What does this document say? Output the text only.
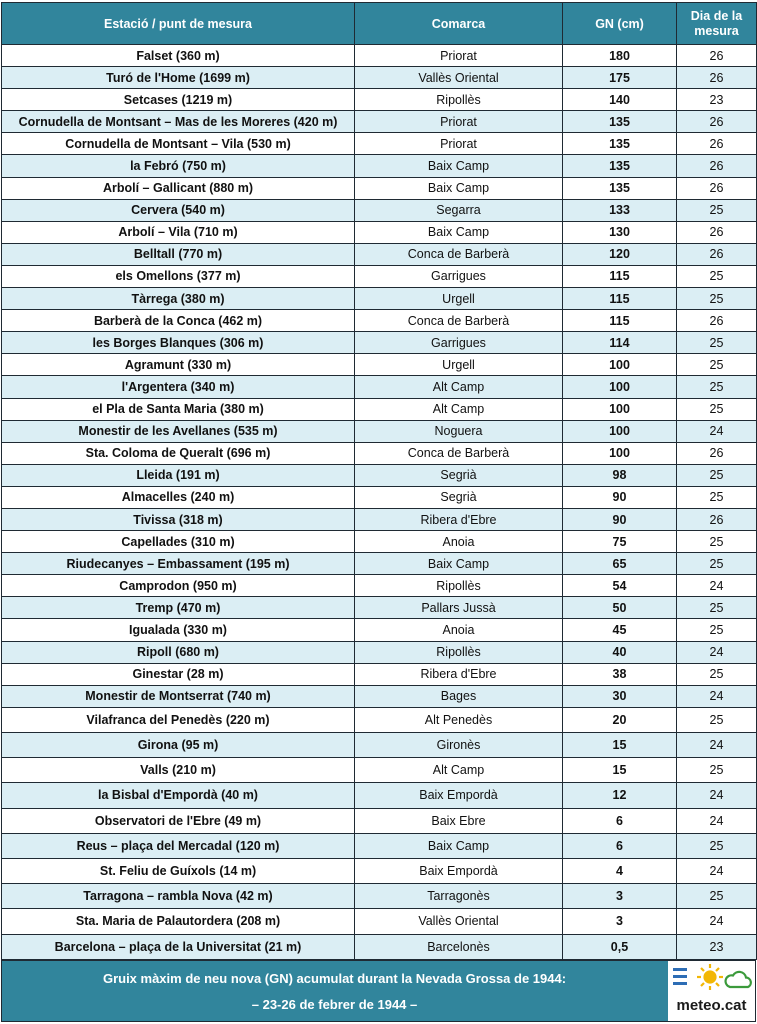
Estació / punt de mesura	Comarca	GN (cm)	Dia de la
mesura
Falset (360 m)	Priorat	180	26
Turó de l'Home (1699 m)	Vallès Oriental	175	26
Setcases (1219 m)	Ripollès	140	23
Cornudella de Montsant – Mas de les Moreres (420 m)	Priorat	135	26
Cornudella de Montsant – Vila (530 m)	Priorat	135	26
la Febró (750 m)	Baix Camp	135	26
Arbolí – Gallicant (880 m)	Baix Camp	135	26
Cervera (540 m)	Segarra	133	25
Arbolí – Vila (710 m)	Baix Camp	130	26
Belltall (770 m)	Conca de Barberà	120	26
els Omellons (377 m)	Garrigues	115	25
Tàrrega (380 m)	Urgell	115	25
Barberà de la Conca (462 m)	Conca de Barberà	115	26
les Borges Blanques (306 m)	Garrigues	114	25
Agramunt (330 m)	Urgell	100	25
l'Argentera (340 m)	Alt Camp	100	25
el Pla de Santa Maria (380 m)	Alt Camp	100	25
Monestir de les Avellanes (535 m)	Noguera	100	24
Sta. Coloma de Queralt (696 m)	Conca de Barberà	100	26
Lleida (191 m)	Segrià	98	25
Almacelles (240 m)	Segrià	90	25
Tivissa (318 m)	Ribera d'Ebre	90	26
Capellades (310 m)	Anoia	75	25
Riudecanyes – Embassament (195 m)	Baix Camp	65	25
Camprodon (950 m)	Ripollès	54	24
Tremp (470 m)	Pallars Jussà	50	25
Igualada (330 m)	Anoia	45	25
Ripoll (680 m)	Ripollès	40	24
Ginestar (28 m)	Ribera d'Ebre	38	25
Monestir de Montserrat (740 m)	Bages	30	24
Vilafranca del Penedès (220 m)	Alt Penedès	20	25
Girona (95 m)	Gironès	15	24
Valls (210 m)	Alt Camp	15	25
la Bisbal d'Empordà (40 m)	Baix Empordà	12	24
Observatori de l'Ebre (49 m)	Baix Ebre	6	24
Reus – plaça del Mercadal (120 m)	Baix Camp	6	25
St. Feliu de Guíxols (14 m)	Baix Empordà	4	24
Tarragona – rambla Nova (42 m)	Tarragonès	3	25
Sta. Maria de Palautordera (208 m)	Vallès Oriental	3	24
Barcelona – plaça de la Universitat (21 m)	Barcelonès	0,5	23
Gruix màxim de neu nova (GN) acumulat durant la Nevada Grossa de 1944:
– 23-26 de febrer de 1944 –	meteo.cat
